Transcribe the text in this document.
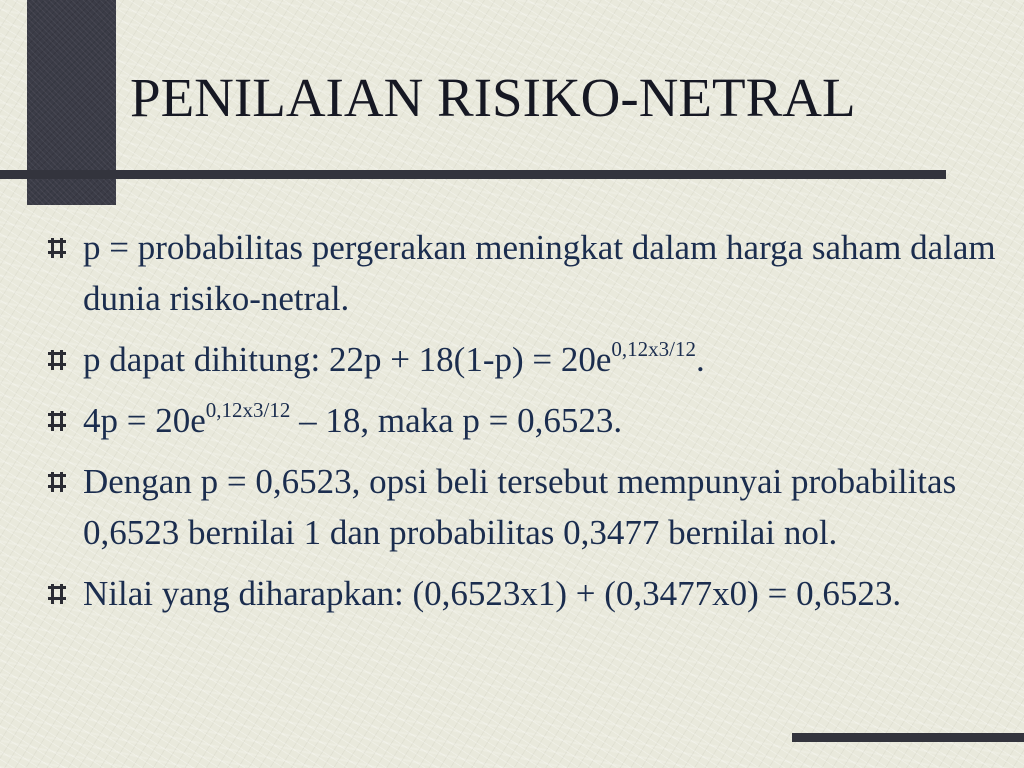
PENILAIAN RISIKO-NETRAL
p = probabilitas pergerakan meningkat dalam harga saham dalam dunia risiko-netral.
p dapat dihitung: $22p + 18(1-p) = 20e^{0,12x3/12}$.
$4p = 20e^{0,12x3/12} - 18$, maka p = 0,6523.
Dengan p = 0,6523, opsi beli tersebut mempunyai probabilitas 0,6523 bernilai 1 dan probabilitas 0,3477 bernilai nol.
Nilai yang diharapkan: (0,6523x1) + (0,3477x0) = 0,6523.
